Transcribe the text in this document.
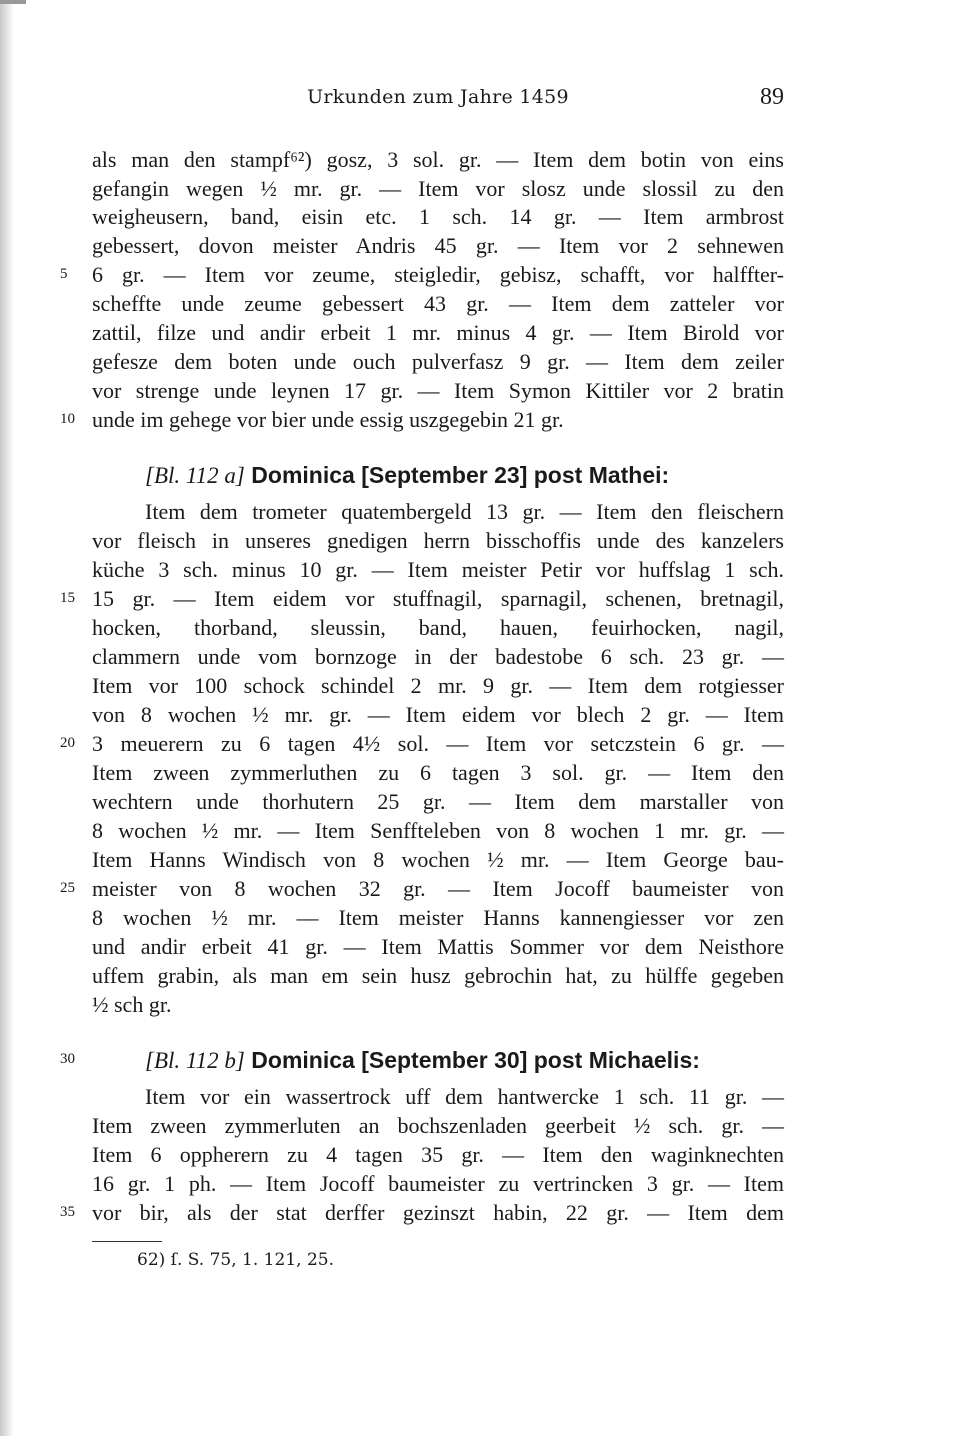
Urkunden zum Jahre 1459	89
als man den stampf⁶²) gosz, 3 sol. gr. — Item dem botin von eins
gefangin wegen ½ mr. gr. — Item vor slosz unde slossil zu den
weigheusern, band, eisin etc. 1 sch. 14 gr. — Item armbrost
gebessert, dovon meister Andris 45 gr. — Item vor 2 sehnewen
6 gr. — Item vor zeume, steigledir, gebisz, schafft, vor halffter-
scheffte unde zeume gebessert 43 gr. — Item dem zatteler vor
zattil, filze und andir erbeit 1 mr. minus 4 gr. — Item Birold vor
gefesze dem boten unde ouch pulverfasz 9 gr. — Item dem zeiler
vor strenge unde leynen 17 gr. — Item Symon Kittiler vor 2 bratin
unde im gehege vor bier unde essig uszgegebin 21 gr.
[Bl. 112 a] Dominica [September 23] post Mathei:
Item dem trometer quatembergeld 13 gr. — Item den fleischern
vor fleisch in unseres gnedigen herrn bisschoffis unde des kanzelers
küche 3 sch. minus 10 gr. — Item meister Petir vor huffslag 1 sch.
15 gr. — Item eidem vor stuffnagil, sparnagil, schenen, bretnagil,
hocken, thorband, sleussin, band, hauen, feuirhocken, nagil,
clammern unde vom bornzoge in der badestobe 6 sch. 23 gr. —
Item vor 100 schock schindel 2 mr. 9 gr. — Item dem rotgiesser
von 8 wochen ½ mr. gr. — Item eidem vor blech 2 gr. — Item
3 meuerern zu 6 tagen 4½ sol. — Item vor setczstein 6 gr. —
Item zween zymmerluthen zu 6 tagen 3 sol. gr. — Item den
wechtern unde thorhutern 25 gr. — Item dem marstaller von
8 wochen ½ mr. — Item Senffteleben von 8 wochen 1 mr. gr. —
Item Hanns Windisch von 8 wochen ½ mr. — Item George bau-
meister von 8 wochen 32 gr. — Item Jocoff baumeister von
8 wochen ½ mr. — Item meister Hanns kannengiesser vor zen
und andir erbeit 41 gr. — Item Mattis Sommer vor dem Neisthore
uffem grabin, als man em sein husz gebrochin hat, zu hülffe gegeben
½ sch gr.
[Bl. 112 b] Dominica [September 30] post Michaelis:
Item vor ein wassertrock uff dem hantwercke 1 sch. 11 gr. —
Item zween zymmerluten an bochszenladen geerbeit ½ sch. gr. —
Item 6 oppherern zu 4 tagen 35 gr. — Item den waginknechten
16 gr. 1 ph. — Item Jocoff baumeister zu vertrincken 3 gr. — Item
vor bir, als der stat derffer gezinszt habin, 22 gr. — Item dem
5
10
15
20
25
30
35
62) ſ. S. 75, 1. 121, 25.
